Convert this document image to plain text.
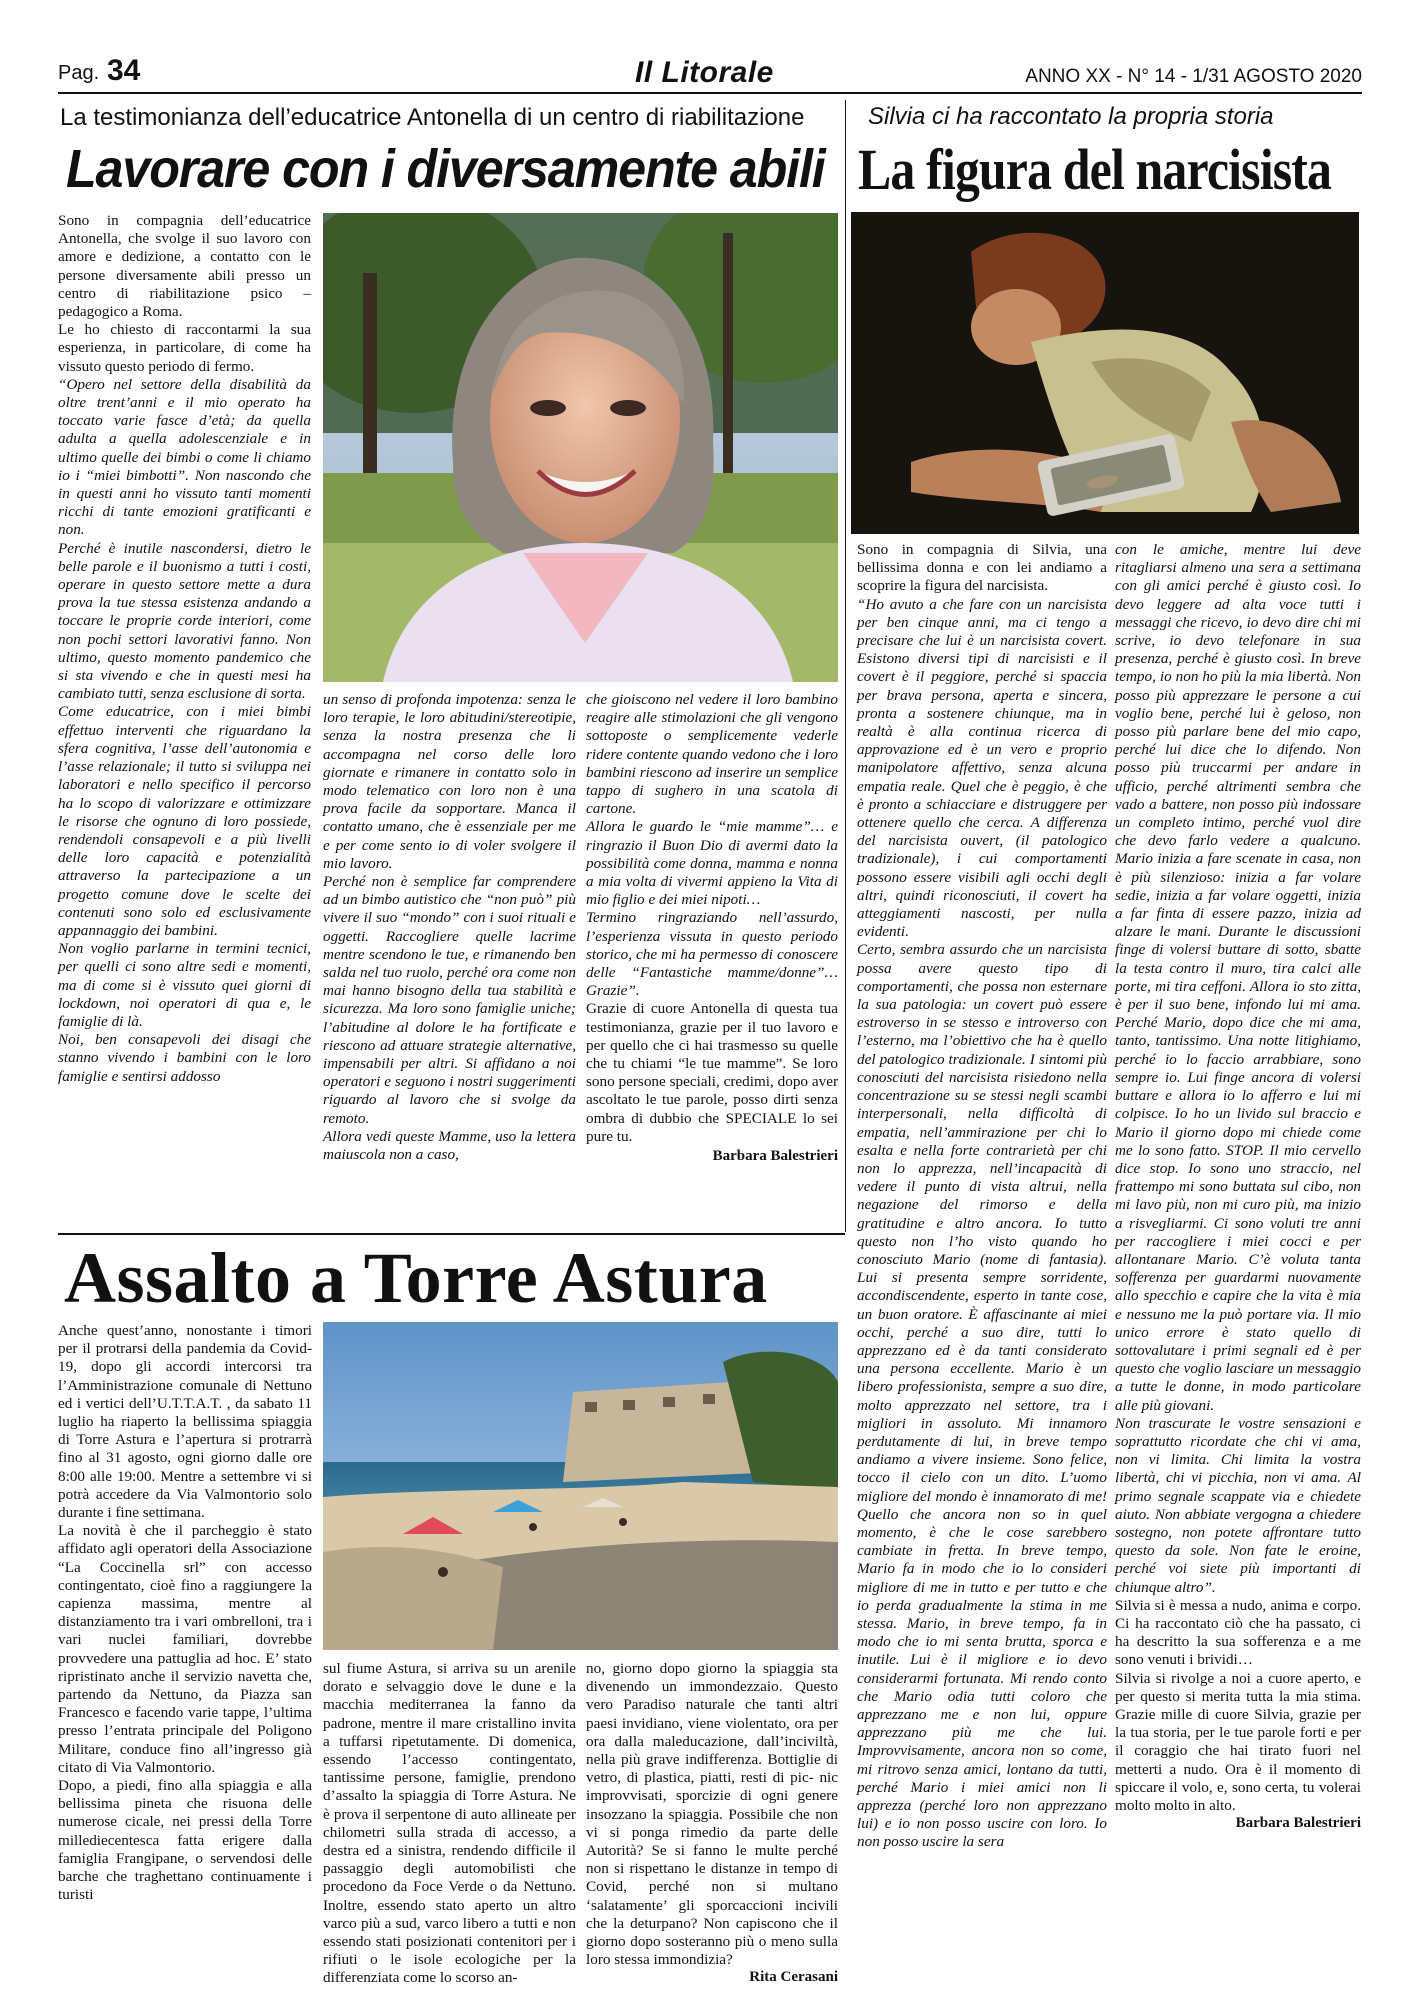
Pag. 34	Il Litorale	ANNO XX - N° 14 - 1/31 AGOSTO 2020
La testimonianza dell’educatrice Antonella di un centro di riabilitazione
Lavorare con i diversamente abili

Sono in compagnia dell’educatrice Antonella, che svolge il suo lavoro con amore e dedizione, a contatto con le persone diversamente abili presso un centro di riabilitazione psico – pedagogico a Roma.
Le ho chiesto di raccontarmi la sua esperienza, in particolare, di come ha vissuto questo periodo di fermo.

“Opero nel settore della disabilità da oltre trent’anni e il mio operato ha toccato varie fasce d’età; da quella adulta a quella adolescenziale e in ultimo quelle dei bimbi o come li chiamo io i “miei bimbotti”. Non nascondo che in questi anni ho vissuto tanti momenti ricchi di tante emozioni gratificanti e non.
Perché è inutile nascondersi, dietro le belle parole e il buonismo a tutti i costi, operare in questo settore mette a dura prova la tue stessa esistenza andando a toccare le proprie corde interiori, come non pochi settori lavorativi fanno. Non ultimo, questo momento pandemico che si sta vivendo e che in questi mesi ha cambiato tutti, senza esclusione di sorta.
Come educatrice, con i miei bimbi effettuo interventi che riguardano la sfera cognitiva, l’asse dell’autonomia e l’asse relazionale; il tutto si sviluppa nei laboratori e nello specifico il percorso ha lo scopo di valorizzare e ottimizzare le risorse che ognuno di loro possiede, rendendoli consapevoli e a più livelli delle loro capacità e potenzialità attraverso la partecipazione a un progetto comune dove le scelte dei contenuti sono solo ed esclusivamente appannaggio dei bambini.
Non voglio parlarne in termini tecnici, per quelli ci sono altre sedi e momenti, ma di come si è vissuto quei giorni di lockdown, noi operatori di qua e, le famiglie di là.
Noi, ben consapevoli dei disagi che stanno vivendo i bambini con le loro famiglie e sentirsi addosso

un senso di profonda impotenza: senza le loro terapie, le loro abitudini/stereotipie, senza la nostra presenza che li accompagna nel corso delle loro giornate e rimanere in contatto solo in modo telematico con loro non è una prova facile da sopportare. Manca il contatto umano, che è essenziale per me e per come sento io di voler svolgere il mio lavoro.
Perché non è semplice far comprendere ad un bimbo autistico che “non può” più vivere il suo “mondo” con i suoi rituali e oggetti. Raccogliere quelle lacrime mentre scendono le tue, e rimanendo ben salda nel tuo ruolo, perché ora come non mai hanno bisogno della tua stabilità e sicurezza. Ma loro sono famiglie uniche; l’abitudine al dolore le ha fortificate e riescono ad attuare strategie alternative, impensabili per altri. Si affidano a noi operatori e seguono i nostri suggerimenti riguardo al lavoro che si svolge da remoto.
Allora vedi queste Mamme, uso la lettera maiuscola non a caso,

che gioiscono nel vedere il loro bambino reagire alle stimolazioni che gli vengono sottoposte o semplicemente vederle ridere contente quando vedono che i loro bambini riescono ad inserire un semplice tappo di sughero in una scatola di cartone.
Allora le guardo le “mie mamme”… e ringrazio il Buon Dio di avermi dato la possibilità come donna, mamma e nonna a mia volta di vivermi appieno la Vita di mio figlio e dei miei nipoti…
Termino ringraziando nell’assurdo, l’esperienza vissuta in questo periodo storico, che mi ha permesso di conoscere delle “Fantastiche mamme/donne”… Grazie”.

Grazie di cuore Antonella di questa tua testimonianza, grazie per il tuo lavoro e per quello che ci hai trasmesso su quelle che tu chiami “le tue mamme”. Se loro sono persone speciali, credimi, dopo aver ascoltato le tue parole, posso dirti senza ombra di dubbio che SPECIALE lo sei pure tu.

Barbara Balestrieri
Silvia ci ha raccontato la propria storia
La figura del narcisista

Sono in compagnia di Silvia, una bellissima donna e con lei andiamo a scoprire la figura del narcisista.

“Ho avuto a che fare con un narcisista per ben cinque anni, ma ci tengo a precisare che lui è un narcisista covert. Esistono diversi tipi di narcisisti e il covert è il peggiore, perché si spaccia per brava persona, aperta e sincera, pronta a sostenere chiunque, ma in realtà è alla continua ricerca di approvazione ed è un vero e proprio manipolatore affettivo, senza alcuna empatia reale. Quel che è peggio, è che è pronto a schiacciare e distruggere per ottenere quello che cerca. A differenza del narcisista ouvert, (il patologico tradizionale), i cui comportamenti possono essere visibili agli occhi degli altri, quindi riconosciuti, il covert ha atteggiamenti nascosti, per nulla evidenti.
Certo, sembra assurdo che un narcisista possa avere questo tipo di comportamenti, che possa non esternare la sua patologia: un covert può essere estroverso in se stesso e introverso con l’esterno, ma l’obiettivo che ha è quello del patologico tradizionale. I sintomi più conosciuti del narcisista risiedono nella concentrazione su se stessi negli scambi interpersonali, nella difficoltà di empatia, nell’ammirazione per chi lo esalta e nella forte contrarietà per chi non lo apprezza, nell’incapacità di vedere il punto di vista altrui, nella negazione del rimorso e della gratitudine e altro ancora. Io tutto questo non l’ho visto quando ho conosciuto Mario (nome di fantasia). Lui si presenta sempre sorridente, accondiscendente, esperto in tante cose, un buon oratore. È affascinante ai miei occhi, perché a suo dire, tutti lo apprezzano ed è da tanti considerato una persona eccellente. Mario è un libero professionista, sempre a suo dire, molto apprezzato nel settore, tra i migliori in assoluto. Mi innamoro perdutamente di lui, in breve tempo andiamo a vivere insieme. Sono felice, tocco il cielo con un dito. L’uomo migliore del mondo è innamorato di me! Quello che ancora non so in quel momento, è che le cose sarebbero cambiate in fretta. In breve tempo, Mario fa in modo che io lo consideri migliore di me in tutto e per tutto e che io perda gradualmente la stima in me stessa. Mario, in breve tempo, fa in modo che io mi senta brutta, sporca e inutile. Lui è il migliore e io devo considerarmi fortunata. Mi rendo conto che Mario odia tutti coloro che apprezzano me e non lui, oppure apprezzano più me che lui. Improvvisamente, ancora non so come, mi ritrovo senza amici, lontano da tutti, perché Mario i miei amici non li apprezza (perché loro non apprezzano lui) e io non posso uscire con loro. Io non posso uscire la sera

con le amiche, mentre lui deve ritagliarsi almeno una sera a settimana con gli amici perché è giusto così. Io devo leggere ad alta voce tutti i messaggi che ricevo, io devo dire chi mi scrive, io devo telefonare in sua presenza, perché è giusto così. In breve tempo, io non ho più la mia libertà. Non posso più apprezzare le persone a cui voglio bene, perché lui è geloso, non posso più parlare bene del mio capo, perché lui dice che lo difendo. Non posso più truccarmi per andare in ufficio, perché altrimenti sembra che vado a battere, non posso più indossare un completo intimo, perché vuol dire che devo farlo vedere a qualcuno. Mario inizia a fare scenate in casa, non è più silenzioso: inizia a far volare sedie, inizia a far volare oggetti, inizia a far finta di essere pazzo, inizia ad alzare le mani. Durante le discussioni finge di volersi buttare di sotto, sbatte la testa contro il muro, tira calci alle porte, mi tira ceffoni. Allora io sto zitta, è per il suo bene, infondo lui mi ama. Perché Mario, dopo dice che mi ama, tanto, tantissimo. Una notte litighiamo, perché io lo faccio arrabbiare, sono sempre io. Lui finge ancora di volersi buttare e allora io lo afferro e lui mi colpisce. Io ho un livido sul braccio e Mario il giorno dopo mi chiede come me lo sono fatto. STOP. Il mio cervello dice stop. Io sono uno straccio, nel frattempo mi sono buttata sul cibo, non mi lavo più, non mi curo più, ma inizio a risvegliarmi. Ci sono voluti tre anni per raccogliere i miei cocci e per allontanare Mario. C’è voluta tanta sofferenza per guardarmi nuovamente allo specchio e capire che la vita è mia e nessuno me la può portare via. Il mio unico errore è stato quello di sottovalutare i primi segnali ed è per questo che voglio lasciare un messaggio a tutte le donne, in modo particolare alle più giovani.
Non trascurate le vostre sensazioni e soprattutto ricordate che chi vi ama, non vi limita. Chi limita la vostra libertà, chi vi picchia, non vi ama. Al primo segnale scappate via e chiedete aiuto. Non abbiate vergogna a chiedere sostegno, non potete affrontare tutto questo da sole. Non fate le eroine, perché voi siete più importanti di chiunque altro”.

Silvia si è messa a nudo, anima e corpo. Ci ha raccontato ciò che ha passato, ci ha descritto la sua sofferenza e a me sono venuti i brividi…
Silvia si rivolge a noi a cuore aperto, e per questo si merita tutta la mia stima. Grazie mille di cuore Silvia, grazie per la tua storia, per le tue parole forti e per il coraggio che hai tirato fuori nel metterti a nudo. Ora è il momento di spiccare il volo, e, sono certa, tu volerai molto molto in alto.

Barbara Balestrieri
Assalto a Torre Astura

Anche quest’anno, nonostante i timori per il protrarsi della pandemia da Covid-19, dopo gli accordi intercorsi tra l’Amministrazione comunale di Nettuno ed i vertici dell’U.T.T.A.T. , da sabato 11 luglio ha riaperto la bellissima spiaggia di Torre Astura e l’apertura si protrarrà fino al 31 agosto, ogni giorno dalle ore 8:00 alle 19:00. Mentre a settembre vi si potrà accedere da Via Valmontorio solo durante i fine settimana.
La novità è che il parcheggio è stato affidato agli operatori della Associazione “La Coccinella srl” con accesso contingentato, cioè fino a raggiungere la capienza massima, mentre al distanziamento tra i vari ombrelloni, tra i vari nuclei familiari, dovrebbe provvedere una pattuglia ad hoc. E’ stato ripristinato anche il servizio navetta che, partendo da Nettuno, da Piazza san Francesco e facendo varie tappe, l’ultima presso l’entrata principale del Poligono Militare, conduce fino all’ingresso già citato di Via Valmontorio.
Dopo, a piedi, fino alla spiaggia e alla bellissima pineta che risuona delle numerose cicale, nei pressi della Torre millediecentesca fatta erigere dalla famiglia Frangipane, o servendosi delle barche che traghettano continuamente i turisti

sul fiume Astura, si arriva su un arenile dorato e selvaggio dove le dune e la macchia mediterranea la fanno da padrone, mentre il mare cristallino invita a tuffarsi ripetutamente. Di domenica, essendo l’accesso contingentato, tantissime persone, famiglie, prendono d’assalto la spiaggia di Torre Astura. Ne è prova il serpentone di auto allineate per chilometri sulla strada di accesso, a destra ed a sinistra, rendendo difficile il passaggio degli automobilisti che procedono da Foce Verde o da Nettuno. Inoltre, essendo stato aperto un altro varco più a sud, varco libero a tutti e non essendo stati posizionati contenitori per i rifiuti o le isole ecologiche per la differenziata come lo scorso an-

no, giorno dopo giorno la spiaggia sta divenendo un immondezzaio. Questo vero Paradiso naturale che tanti altri paesi invidiano, viene violentato, ora per ora dalla maleducazione, dall’inciviltà, nella più grave indifferenza. Bottiglie di vetro, di plastica, piatti, resti di pic- nic improvvisati, sporcizie di ogni genere insozzano la spiaggia. Possibile che non vi si ponga rimedio da parte delle Autorità? Se si fanno le multe perché non si rispettano le distanze in tempo di Covid, perché non si multano ‘salatamente’ gli sporcaccioni incivili che la deturpano? Non capiscono che il giorno dopo sosteranno più o meno sulla loro stessa immondizia?

Rita Cerasani
